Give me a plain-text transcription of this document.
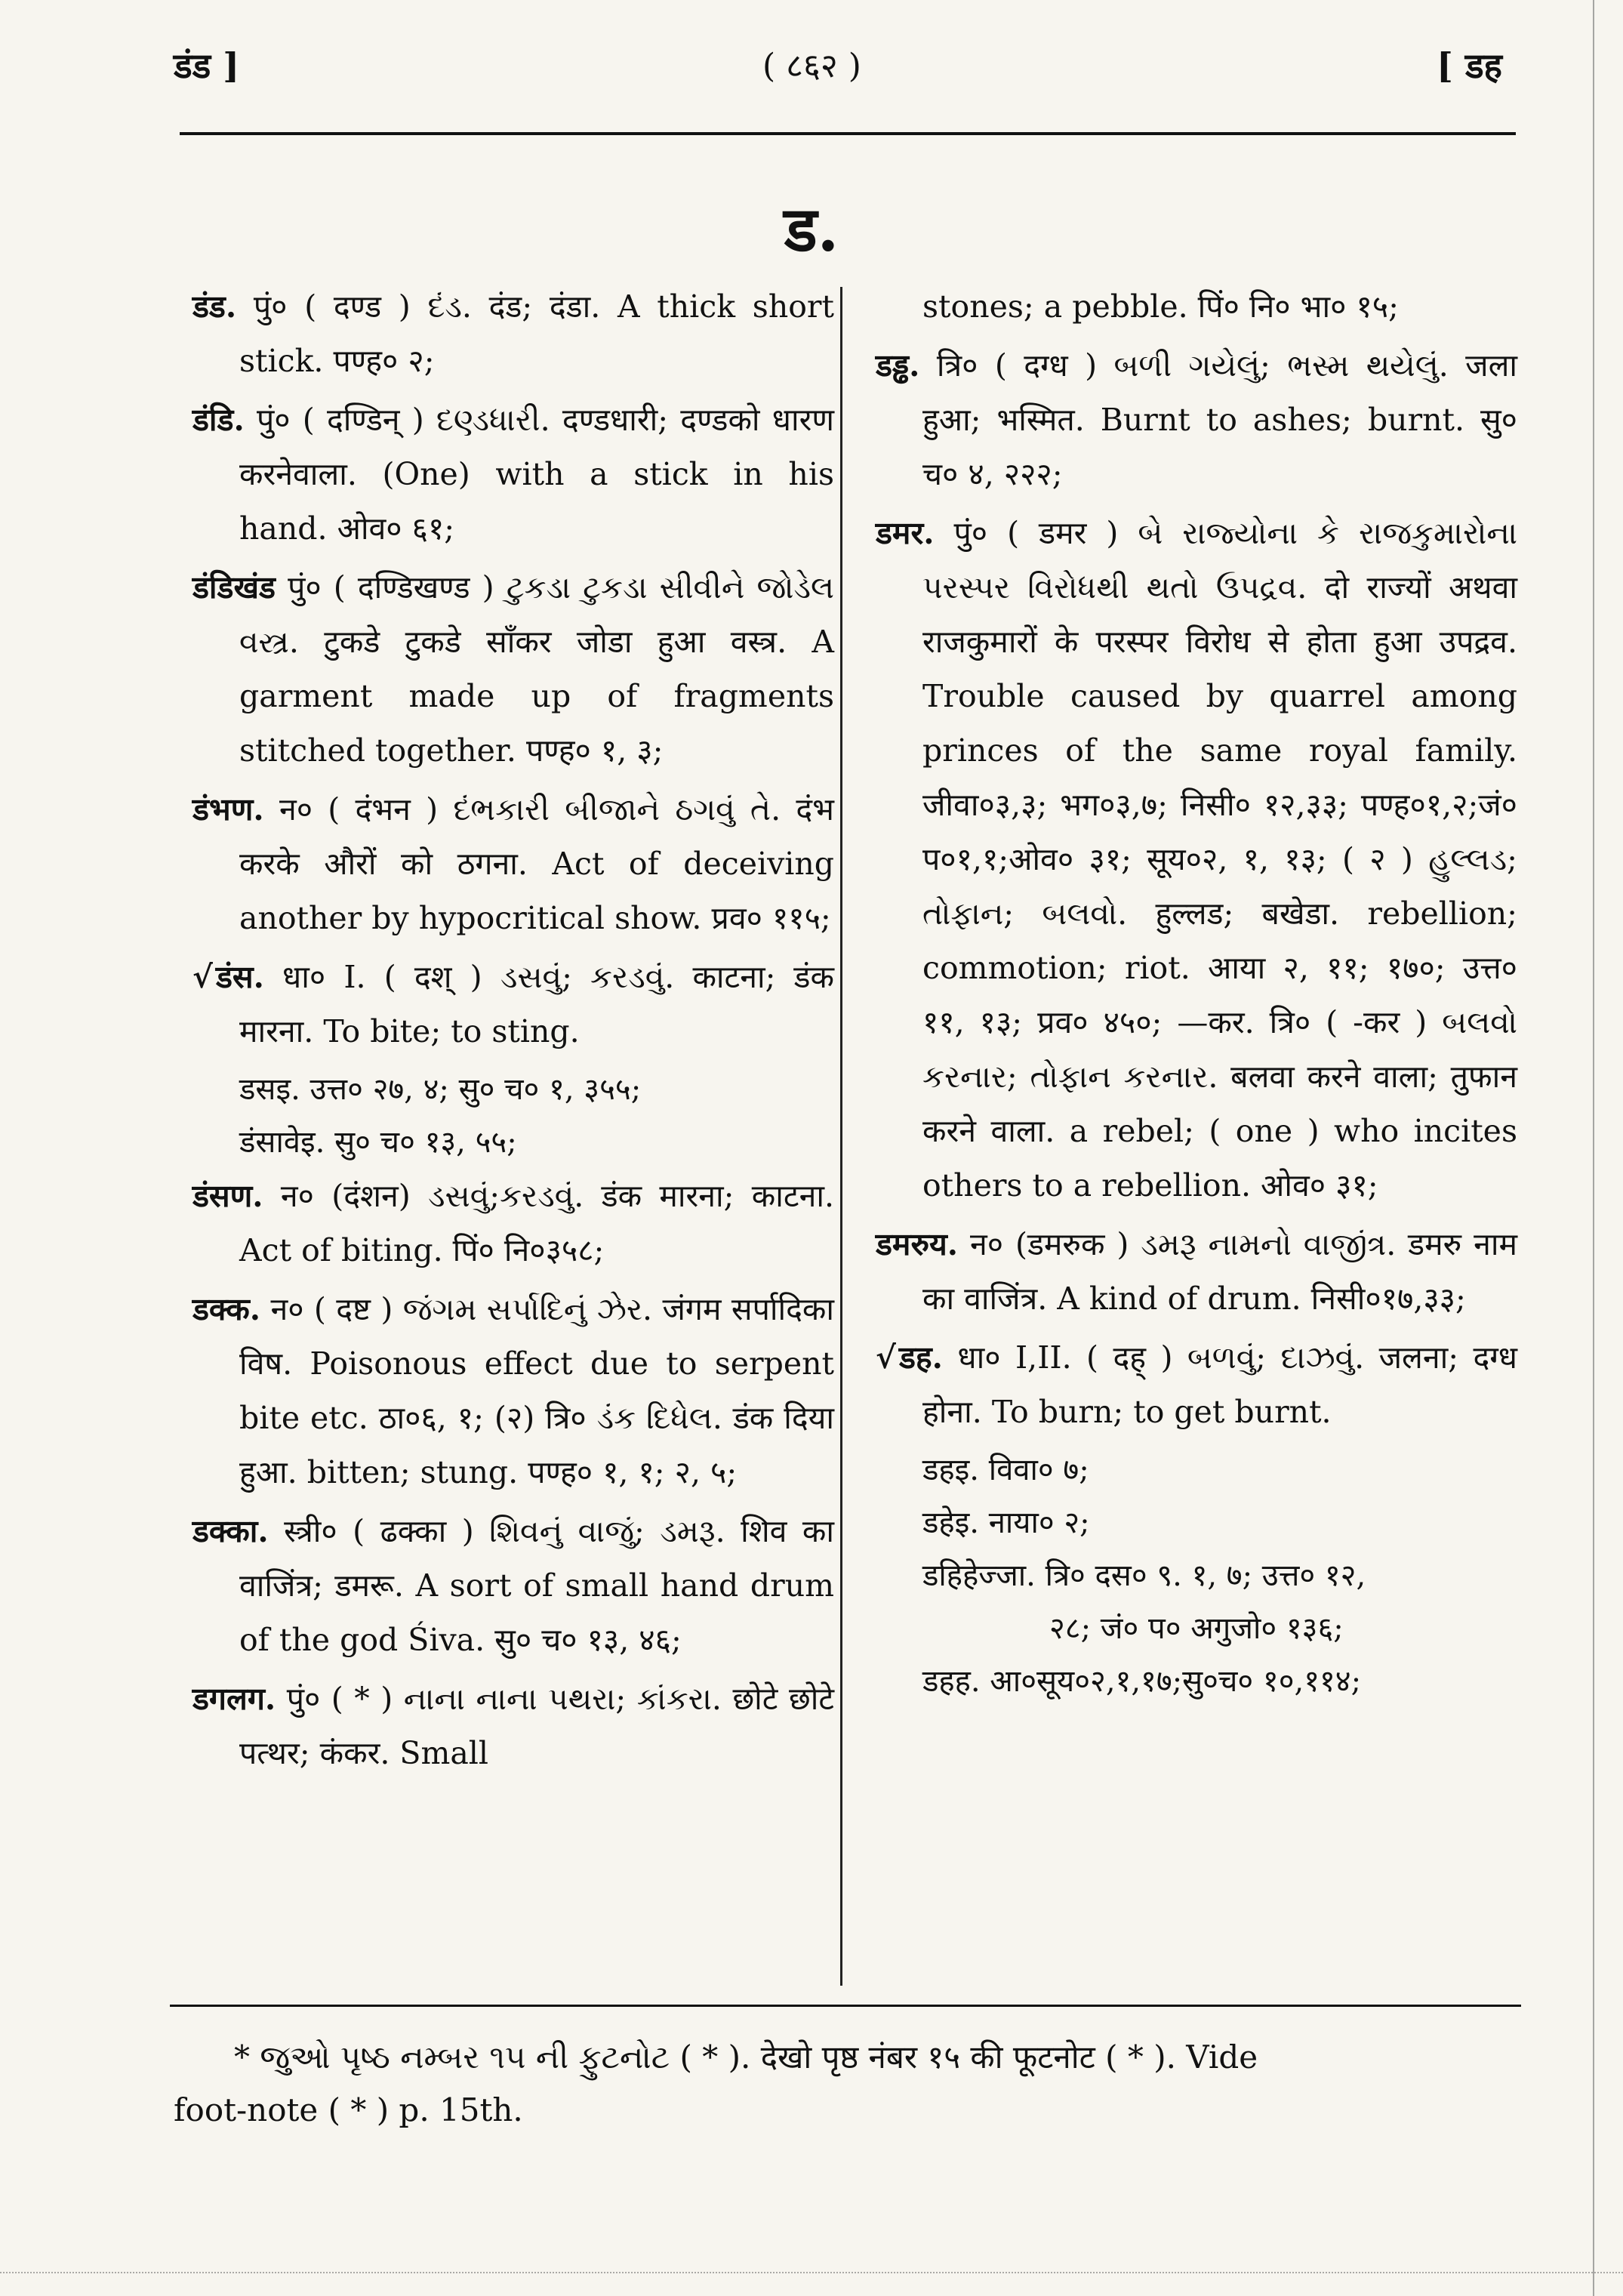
डंड ]	( ८६२ )	[ डह
ड.

डंड. पुं० ( दण्ड ) દંડ. दंड; दंडा. A thick short stick. पण्ह० २;

डंडि. पुं० ( दण्डिन् ) દણ્ડધારી. दण्डधारी; दण्डको धारण करनेवाला. (One) with a stick in his hand. ओव० ६१;

डंडिखंड पुं० ( दण्डिखण्ड ) ટુકડા ટુકડા સીવીને જોડેલ વસ્ત્ર. टुकडे टुकडे साँकर जोडा हुआ वस्त्र. A garment made up of fragments stitched together. पण्ह० १, ३;

डंभण. न० ( दंभन ) દંભકારી બીજાને ઠગવું તે. दंभ करके औरों को ठगना. Act of deceiving another by hypocritical show. प्रव० ११५;

√डंस. धा० I. ( दश् ) ડસવું; કરડવું. काटना; डंक मारना. To bite; to sting.

डसइ. उत्त० २७, ४; सु० च० १, ३५५;

डंसावेइ. सु० च० १३, ५५;

डंसण. न० (दंशन) ડસવું;કરડવું. डंक मारना; काटना. Act of biting. पिं० नि०३५८;

डक्क. न० ( दष्ट ) જંગમ સર્પાદિનું ઝેર. जंगम सर्पादिका विष. Poisonous effect due to serpent bite etc. ठा०६, १; (२) त्रि० ડંક દિધેલ. डंक दिया हुआ. bitten; stung. पण्ह० १, १; २, ५;

डक्का. स्त्री० ( ढक्का ) શિવનું વાજું; ડમરૂ. शिव का वाजिंत्र; डमरू. A sort of small hand drum of the god Śiva. सु० च० १३, ४६;

डगलग. पुं० ( * ) નાના નાના પથરા; કાંકરા. छोटे छोटे पत्थर; कंकर. Small

stones; a pebble. पिं० नि० भा० १५;

डड्ढ. त्रि० ( दग्ध ) બળી ગયેલું; ભસ્મ થયેલું. जला हुआ; भस्मित. Burnt to ashes; burnt. सु० च० ४, २२२;

डमर. पुं० ( डमर ) બે રાજ્યોના કે રાજકુમારોના પરસ્પર વિરોધથી થતો ઉપદ્રવ. दो राज्यों अथवा राजकुमारों के परस्पर विरोध से होता हुआ उपद्रव. Trouble caused by quarrel among princes of the same royal family. जीवा०३,३; भग०३,७; निसी० १२,३३; पण्ह०१,२;जं० प०१,१;ओव० ३१; सूय०२, १, १३; ( २ ) હુલ્લડ; તોફાન; બલવો. हुल्लड; बखेडा. rebellion; commotion; riot. आया २, ११; १७०; उत्त० ११, १३; प्रव० ४५०; —कर. त्रि० ( -कर ) બલવો કરનાર; તોફાન કરનાર. बलवा करने वाला; तुफान करने वाला. a rebel; ( one ) who incites others to a rebellion. ओव० ३१;

डमरुय. न० (डमरुक ) ડમરૂ નામનો વાજીંત્ર. डमरु नाम का वाजिंत्र. A kind of drum. निसी०१७,३३;

√डह. धा० I,II. ( दह् ) બળવું; દાઝવું. जलना; दग्ध होना. To burn; to get burnt.

डहइ. विवा० ७;

डहेइ. नाया० २;

डहिहेज्जा. त्रि० दस० ९. १, ७; उत्त० १२,

२८; जं० प० अगुजो० १३६;

डहह. आ०सूय०२,१,१७;सु०च० १०,११४;

* જુઓ પૃષ્ઠ નમ્બર ૧૫ ની ફુટનોટ ( * ). देखो पृष्ठ नंबर १५ की फूटनोट ( * ). Vide
foot-note ( * ) p. 15th.
